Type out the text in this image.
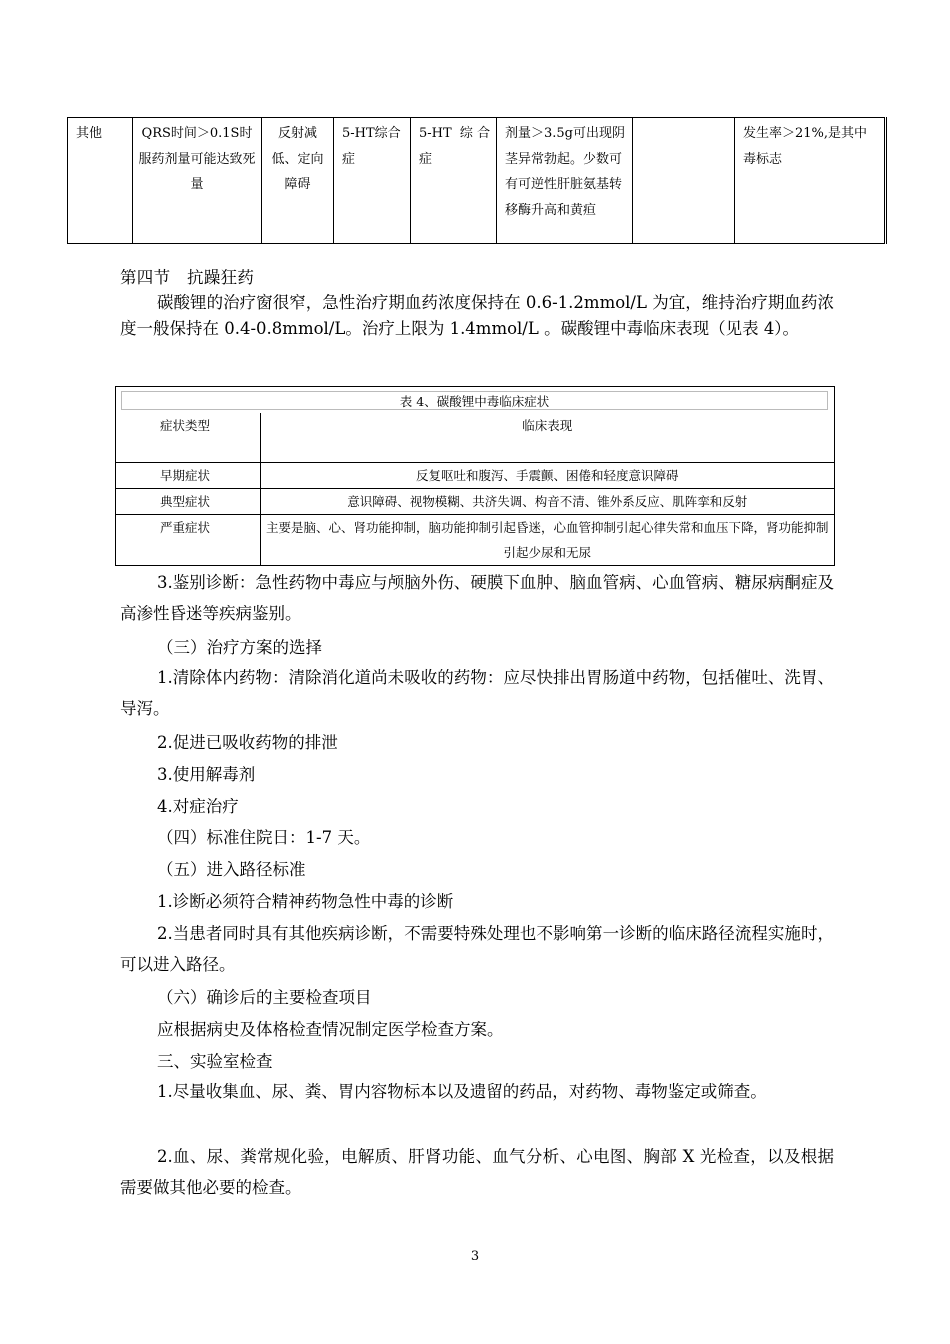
其他	QRS时间＞0.1S时服药剂量可能达致死量	反射减低、定向障碍	5-HT综合症	5-HT  综 合症	剂量＞3.5g可出现阴茎异常勃起。少数可有可逆性肝脏氨基转移酶升高和黄疸		发生率＞21%,是其中毒标志
第四节   抗躁狂药
碳酸锂的治疗窗很窄，急性治疗期血药浓度保持在 0.6-1.2mmol/L 为宜，维持治疗期血药浓度一般保持在 0.4-0.8mmol/L。治疗上限为 1.4mmol/L 。碳酸锂中毒临床表现（见表 4）。
表 4、碳酸锂中毒临床症状
症状类型	临床表现
早期症状	反复呕吐和腹泻、手震颤、困倦和轻度意识障碍
典型症状	意识障碍、视物模糊、共济失调、构音不清、锥外系反应、肌阵挛和反射
严重症状	主要是脑、心、肾功能抑制，脑功能抑制引起昏迷，心血管抑制引起心律失常和血压下降，肾功能抑制引起少尿和无尿
3.鉴别诊断：急性药物中毒应与颅脑外伤、硬膜下血肿、脑血管病、心血管病、糖尿病酮症及高渗性昏迷等疾病鉴别。
（三）治疗方案的选择
1.清除体内药物：清除消化道尚未吸收的药物：应尽快排出胃肠道中药物，包括催吐、洗胃、导泻。
2.促进已吸收药物的排泄
3.使用解毒剂
4.对症治疗
（四）标准住院日：1-7 天。
（五）进入路径标准
1.诊断必须符合精神药物急性中毒的诊断
2.当患者同时具有其他疾病诊断，不需要特殊处理也不影响第一诊断的临床路径流程实施时，可以进入路径。
（六）确诊后的主要检查项目
应根据病史及体格检查情况制定医学检查方案。
三、实验室检查
1.尽量收集血、尿、粪、胃内容物标本以及遗留的药品，对药物、毒物鉴定或筛查。
2.血、尿、粪常规化验，电解质、肝肾功能、血气分析、心电图、胸部 X 光检查，以及根据需要做其他必要的检查。
3
